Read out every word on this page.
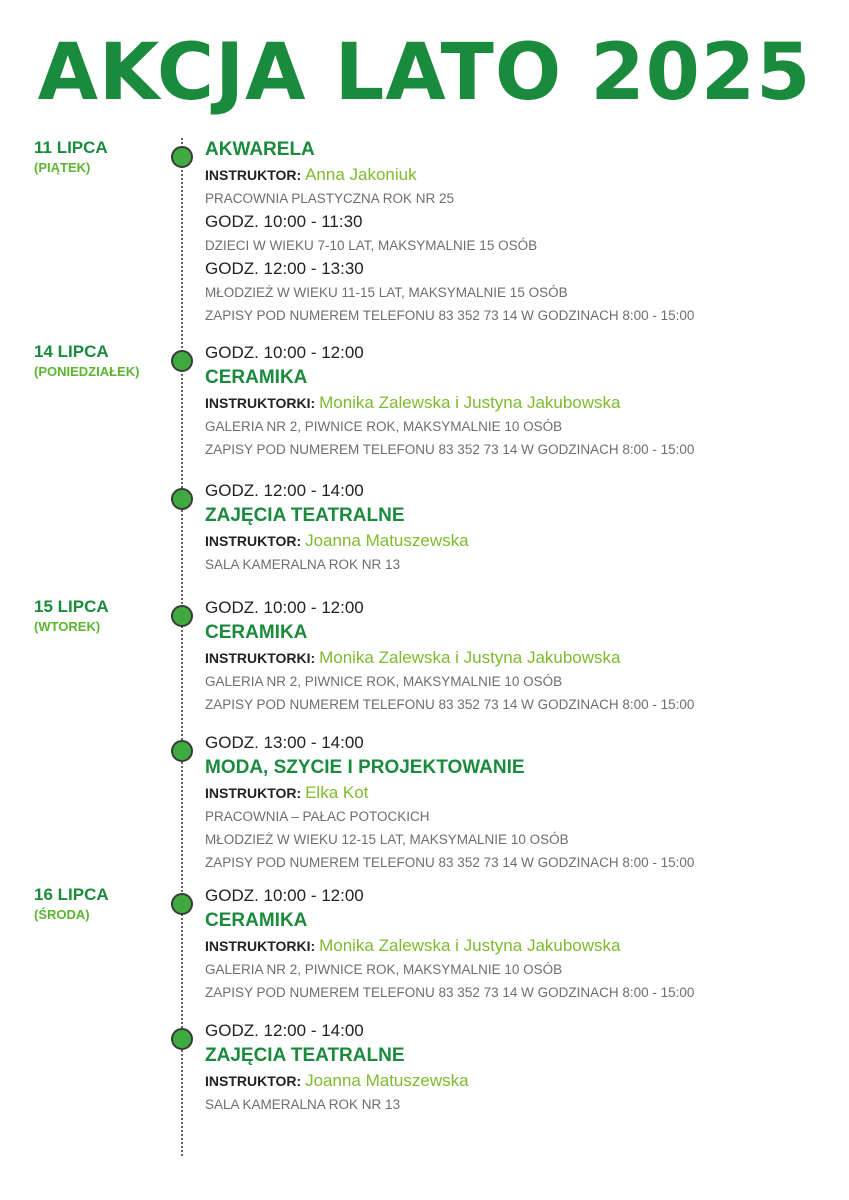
AKCJA LATO 2025
11 LIPCA
(PIĄTEK)
14 LIPCA
(PONIEDZIAŁEK)
15 LIPCA
(WTOREK)
16 LIPCA
(ŚRODA)
AKWARELA
INSTRUKTOR: Anna Jakoniuk
PRACOWNIA PLASTYCZNA ROK NR 25
GODZ. 10:00 - 11:30
DZIECI W WIEKU 7-10 LAT, MAKSYMALNIE 15 OSÓB
GODZ. 12:00 - 13:30
MŁODZIEŻ W WIEKU 11-15 LAT, MAKSYMALNIE 15 OSÓB
ZAPISY POD NUMEREM TELEFONU 83 352 73 14 W GODZINACH 8:00 - 15:00
GODZ. 10:00 - 12:00
CERAMIKA
INSTRUKTORKI: Monika Zalewska i Justyna Jakubowska
GALERIA NR 2, PIWNICE ROK, MAKSYMALNIE 10 OSÓB
ZAPISY POD NUMEREM TELEFONU 83 352 73 14 W GODZINACH 8:00 - 15:00
GODZ. 12:00 - 14:00
ZAJĘCIA TEATRALNE
INSTRUKTOR: Joanna Matuszewska
SALA KAMERALNA ROK NR 13
GODZ. 10:00 - 12:00
CERAMIKA
INSTRUKTORKI: Monika Zalewska i Justyna Jakubowska
GALERIA NR 2, PIWNICE ROK, MAKSYMALNIE 10 OSÓB
ZAPISY POD NUMEREM TELEFONU 83 352 73 14 W GODZINACH 8:00 - 15:00
GODZ. 13:00 - 14:00
MODA, SZYCIE I PROJEKTOWANIE
INSTRUKTOR: Elka Kot
PRACOWNIA – PAŁAC POTOCKICH
MŁODZIEŻ W WIEKU 12-15 LAT, MAKSYMALNIE 10 OSÓB
ZAPISY POD NUMEREM TELEFONU 83 352 73 14 W GODZINACH 8:00 - 15:00
GODZ. 10:00 - 12:00
CERAMIKA
INSTRUKTORKI: Monika Zalewska i Justyna Jakubowska
GALERIA NR 2, PIWNICE ROK, MAKSYMALNIE 10 OSÓB
ZAPISY POD NUMEREM TELEFONU 83 352 73 14 W GODZINACH 8:00 - 15:00
GODZ. 12:00 - 14:00
ZAJĘCIA TEATRALNE
INSTRUKTOR: Joanna Matuszewska
SALA KAMERALNA ROK NR 13
